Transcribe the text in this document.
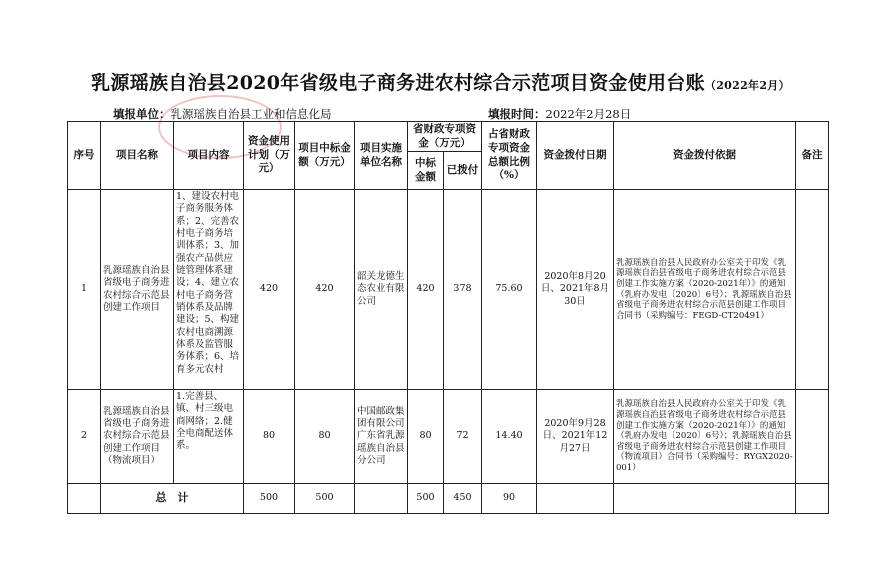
乳源瑶族自治县2020年省级电子商务进农村综合示范项目资金使用台账（2022年2月）
填报单位：乳源瑶族自治县工业和信息化局	填报时间：2022年2月28日
序号	项目名称	项目内容	资金使用计划（万元）	项目中标金额（万元）	项目实施单位名称	省财政专项资金（万元）		占省财政专项资金总额比例（%）	资金拨付日期	资金拨付依据	备注
						中标金额	已拨付				
1	乳源瑶族自治县省级电子商务进农村综合示范县创建工作项目	1、建设农村电子商务服务体系；2、完善农村电子商务培训体系；3、加强农产品供应链管理体系建设；4、建立农村电子商务营销体系及品牌建设；5、构建农村电商溯源体系及监管服务体系；6、培育多元农村	420	420	韶关龙德生态农业有限公司	420	378	75.60	2020年8月20日、2021年8月30日	乳源瑶族自治县人民政府办公室关于印发《乳源瑶族自治县省级电子商务进农村综合示范县创建工作实施方案（2020-2021年）》的通知（乳府办发电〔2020〕6号）；乳源瑶族自治县省级电子商务进农村综合示范县创建工作项目合同书（采购编号：FEGD-CT20491）	
2	乳源瑶族自治县省级电子商务进农村综合示范县创建工作项目（物流项目）	1.完善县、镇、村三级电商网络；2.健全电商配送体系。	80	80	中国邮政集团有限公司广东省乳源瑶族自治县分公司	80	72	14.40	2020年9月28日、2021年12月27日	乳源瑶族自治县人民政府办公室关于印发《乳源瑶族自治县省级电子商务进农村综合示范县创建工作实施方案（2020-2021年）》的通知（乳府办发电〔2020〕6号）；乳源瑶族自治县省级电子商务进农村综合示范县创建工作项目（物流项目）合同书（采购编号：RYGX2020-001）	
	总　计		500	500		500	450	90			
